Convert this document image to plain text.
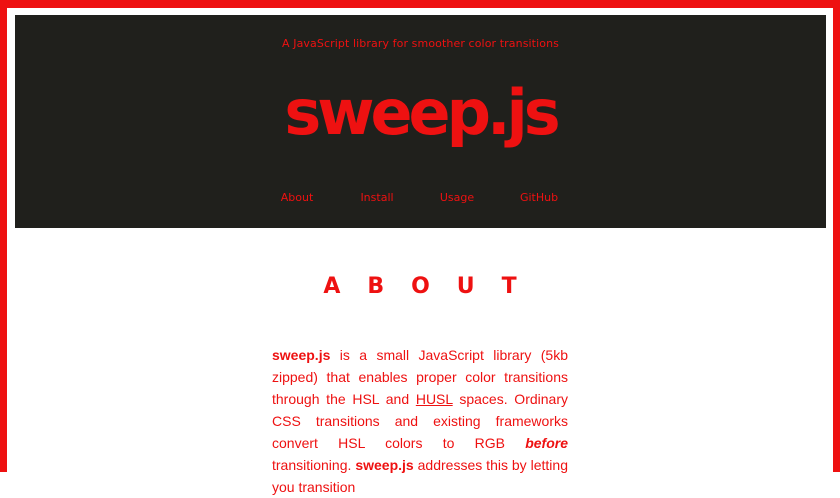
A JavaScript library for smoother color transitions
sweep.js
About	Install	Usage	GitHub
ABOUT

sweep.js is a small JavaScript library (5kb zipped) that enables proper color transitions through the HSL and HUSL spaces. Ordinary CSS transitions and existing frameworks convert HSL colors to RGB before transitioning. sweep.js addresses this by letting you transition
